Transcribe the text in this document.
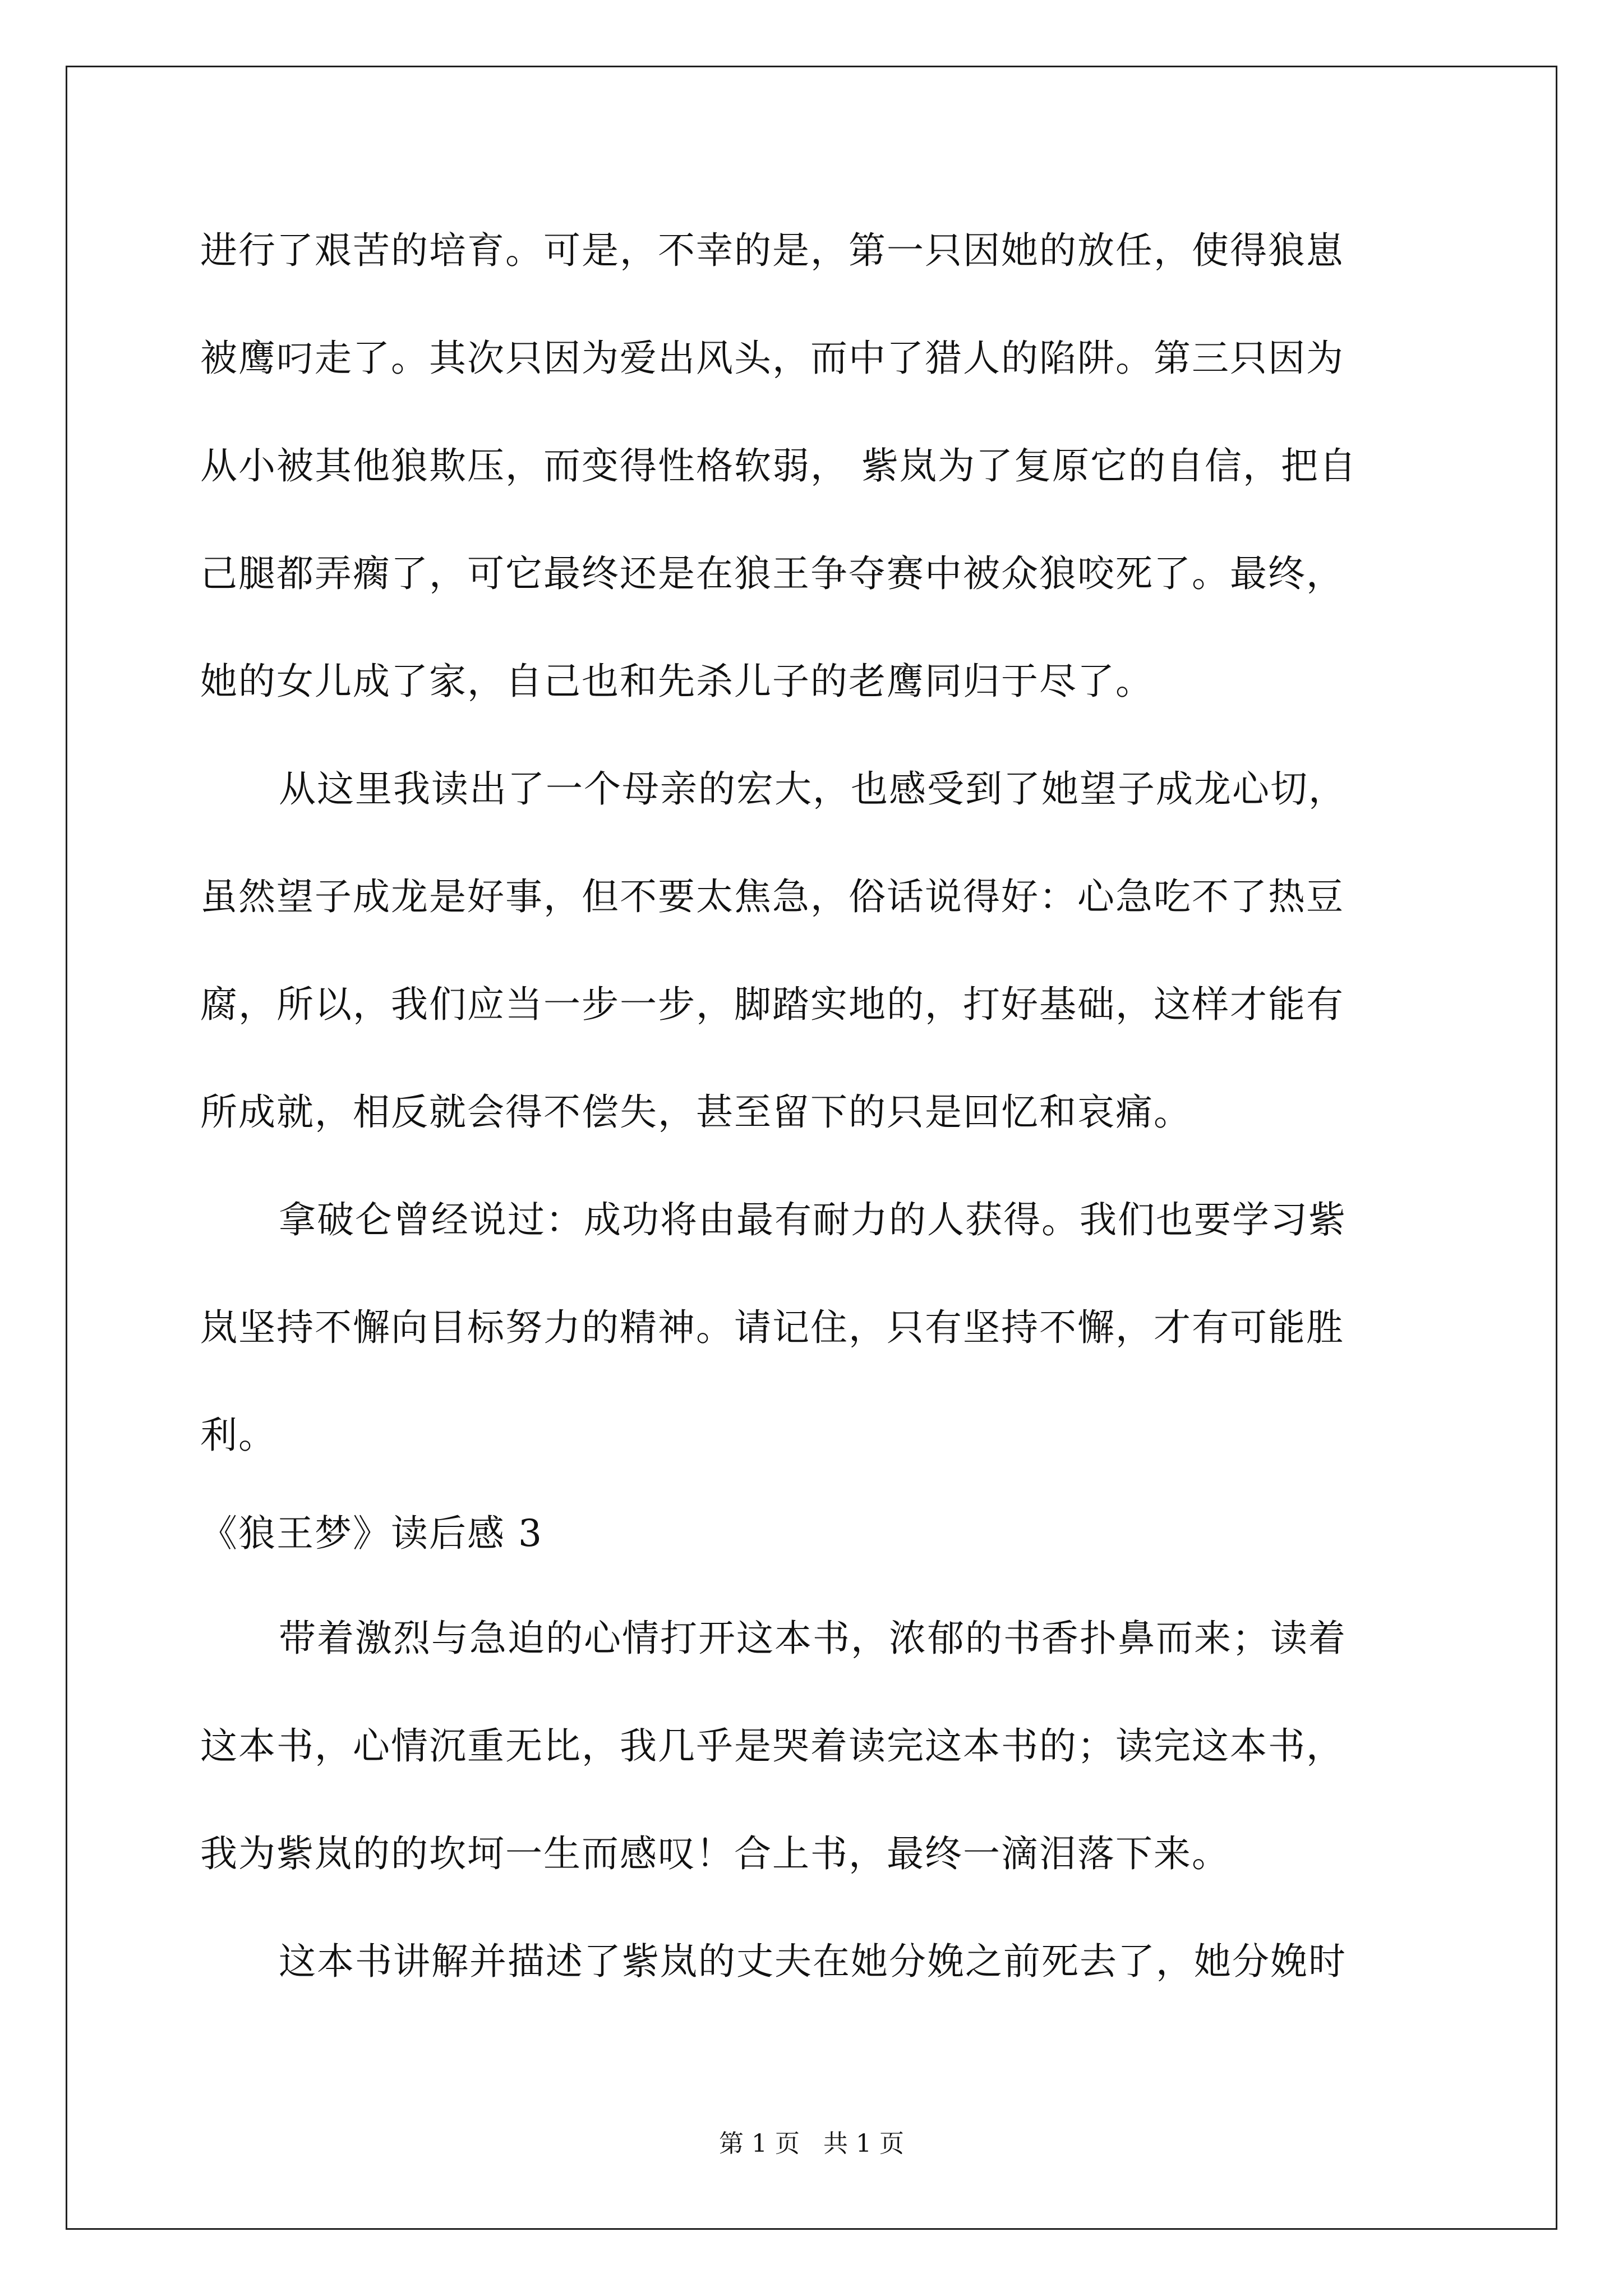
进行了艰苦的培育。可是，不幸的是，第一只因她的放任，使得狼崽
被鹰叼走了。其次只因为爱出风头，而中了猎人的陷阱。第三只因为
从小被其他狼欺压，而变得性格软弱， 紫岚为了复原它的自信，把自
己腿都弄瘸了，可它最终还是在狼王争夺赛中被众狼咬死了。最终，
她的女儿成了家，自己也和先杀儿子的老鹰同归于尽了。
从这里我读出了一个母亲的宏大，也感受到了她望子成龙心切，
虽然望子成龙是好事，但不要太焦急，俗话说得好：心急吃不了热豆
腐，所以，我们应当一步一步，脚踏实地的，打好基础，这样才能有
所成就，相反就会得不偿失，甚至留下的只是回忆和哀痛。
拿破仑曾经说过：成功将由最有耐力的人获得。我们也要学习紫
岚坚持不懈向目标努力的精神。请记住，只有坚持不懈，才有可能胜
利。
《狼王梦》读后感 3
带着激烈与急迫的心情打开这本书，浓郁的书香扑鼻而来；读着
这本书，心情沉重无比，我几乎是哭着读完这本书的；读完这本书，
我为紫岚的的坎坷一生而感叹！合上书，最终一滴泪落下来。
这本书讲解并描述了紫岚的丈夫在她分娩之前死去了，她分娩时
第 1 页   共 1 页
